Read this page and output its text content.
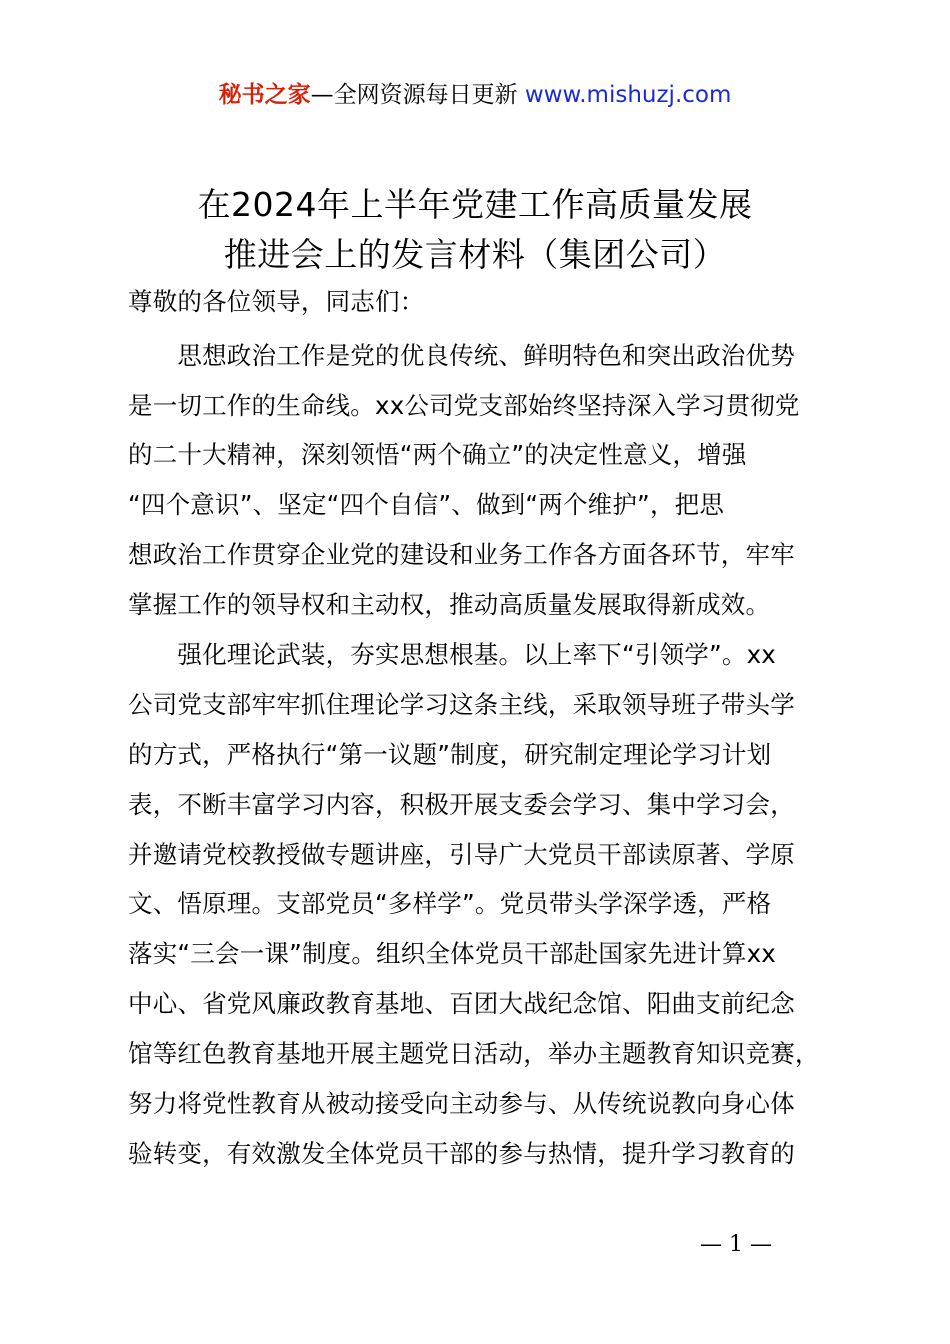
秘书之家—全网资源每日更新 www.mishuzj.com
在2024年上半年党建工作高质量发展
推进会上的发言材料（集团公司）
尊敬的各位领导，同志们：
　　思想政治工作是党的优良传统、鲜明特色和突出政治优势
是一切工作的生命线。xx公司党支部始终坚持深入学习贯彻党
的二十大精神，深刻领悟“两个确立”的决定性意义，增强
“四个意识”、坚定“四个自信”、做到“两个维护”，把思
想政治工作贯穿企业党的建设和业务工作各方面各环节，牢牢
掌握工作的领导权和主动权，推动高质量发展取得新成效。
　　强化理论武装，夯实思想根基。以上率下“引领学”。xx
公司党支部牢牢抓住理论学习这条主线，采取领导班子带头学
的方式，严格执行“第一议题”制度，研究制定理论学习计划
表，不断丰富学习内容，积极开展支委会学习、集中学习会，
并邀请党校教授做专题讲座，引导广大党员干部读原著、学原
文、悟原理。支部党员“多样学”。党员带头学深学透，严格
落实“三会一课”制度。组织全体党员干部赴国家先进计算xx
中心、省党风廉政教育基地、百团大战纪念馆、阳曲支前纪念
馆等红色教育基地开展主题党日活动，举办主题教育知识竞赛，
努力将党性教育从被动接受向主动参与、从传统说教向身心体
验转变，有效激发全体党员干部的参与热情，提升学习教育的
— 1 —
